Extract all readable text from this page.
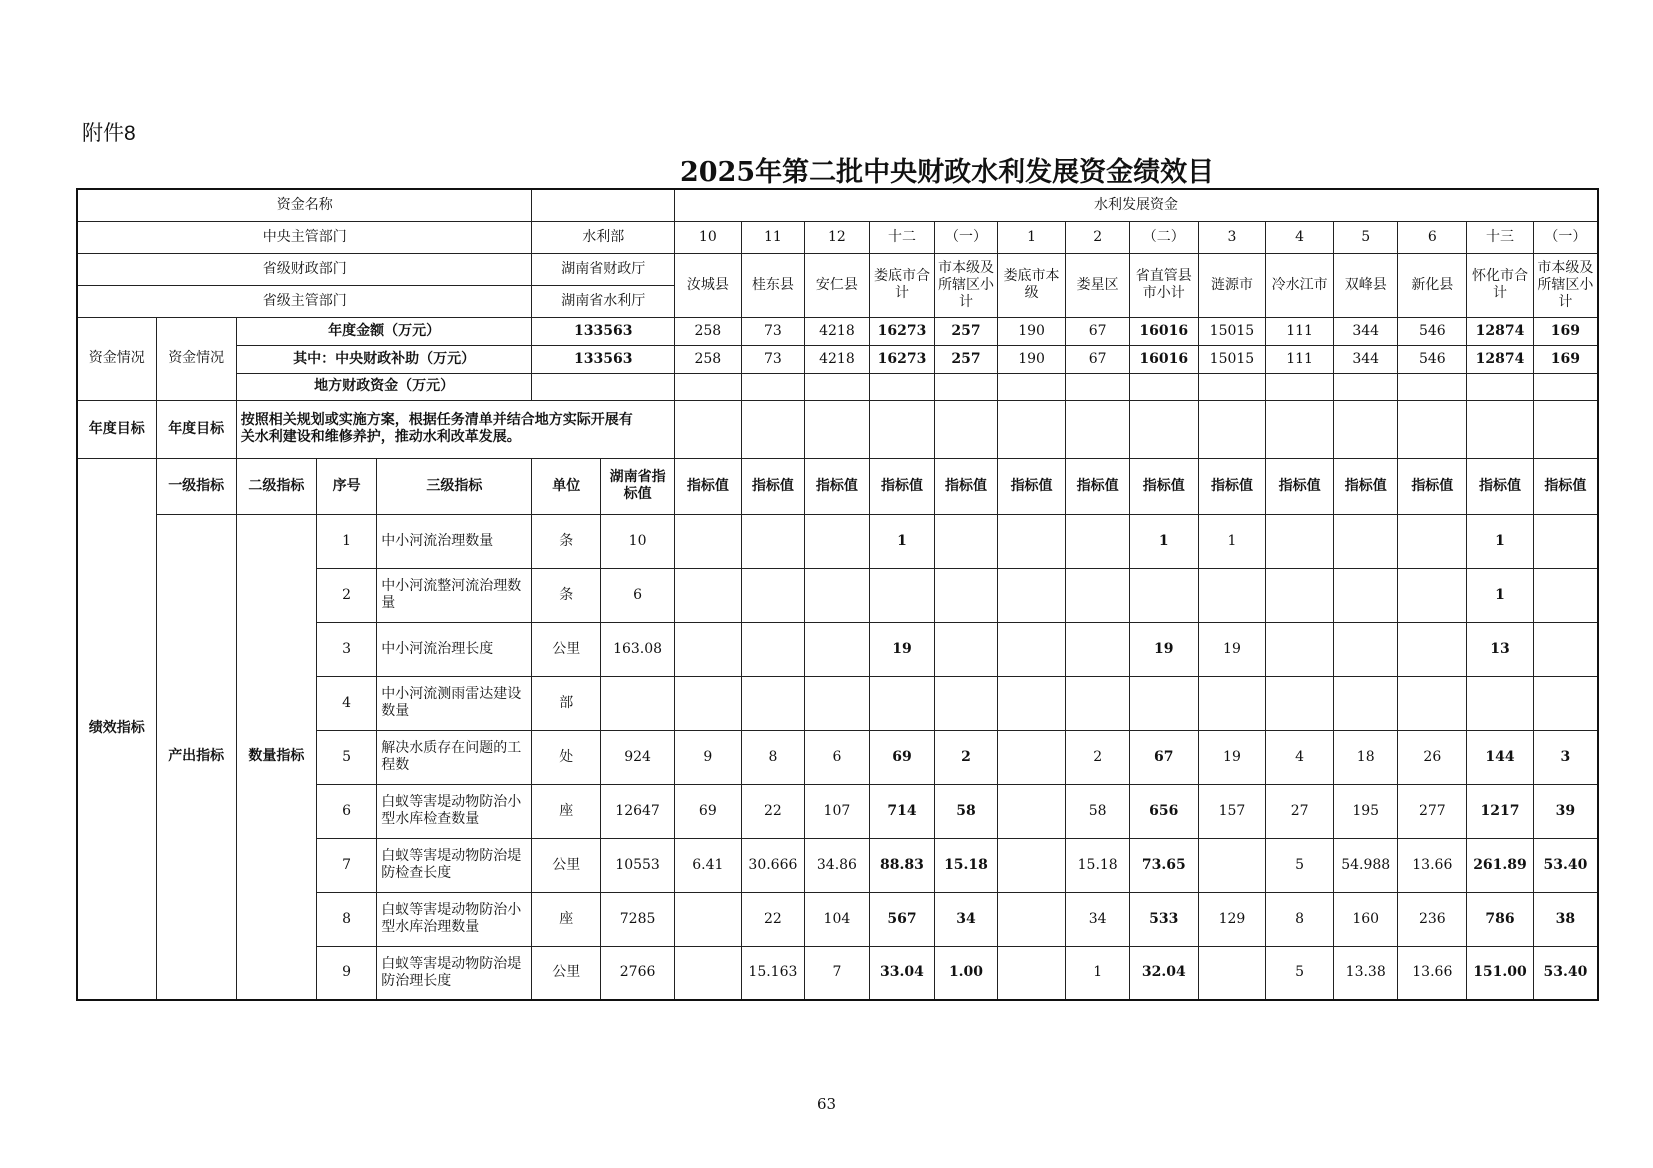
附件8
2025年第二批中央财政水利发展资金绩效目
资金名称							水利发展资金													
中央主管部门					水利部		10	11	12	十二	（一）	1	2	（二）	3	4	5	6	十三	（一）
省级财政部门					湖南省财政厅		汝城县	桂东县	安仁县	娄底市合计	市本级及所辖区小计	娄底市本级	娄星区	省直管县市小计	涟源市	冷水江市	双峰县	新化县	怀化市合计	市本级及所辖区小计
省级主管部门					湖南省水利厅															
资金情况	资金情况	年度金额（万元）			133563		258	73	4218	16273	257	190	67	16016	15015	111	344	546	12874	169
		其中：中央财政补助（万元）			133563		258	73	4218	16273	257	190	67	16016	15015	111	344	546	12874	169
		地方财政资金（万元）																		
年度目标	年度目标	按照相关规划或实施方案，根据任务清单并结合地方实际开展有
关水利建设和维修养护，推动水利改革发展。																		

绩效指标	一级指标	二级指标	序号	三级指标	单位	湖南省指标值	指标值	指标值	指标值	指标值	指标值	指标值	指标值	指标值	指标值	指标值	指标值	指标值	指标值	指标值
	产出指标	数量指标	1	中小河流治理数量	条	10				1				1	1				1	
			2	中小河流整河流治理数量	条	6													1	
			3	中小河流治理长度	公里	163.08				19				19	19				13	
			4	中小河流测雨雷达建设数量	部															
			5	解决水质存在问题的工程数	处	924	9	8	6	69	2		2	67	19	4	18	26	144	3
			6	白蚁等害堤动物防治小型水库检查数量	座	12647	69	22	107	714	58		58	656	157	27	195	277	1217	39
			7	白蚁等害堤动物防治堤防检查长度	公里	10553	6.41	30.666	34.86	88.83	15.18		15.18	73.65		5	54.988	13.66	261.89	53.40
			8	白蚁等害堤动物防治小型水库治理数量	座	7285		22	104	567	34		34	533	129	8	160	236	786	38
			9	白蚁等害堤动物防治堤防治理长度	公里	2766		15.163	7	33.04	1.00		1	32.04		5	13.38	13.66	151.00	53.40
63
